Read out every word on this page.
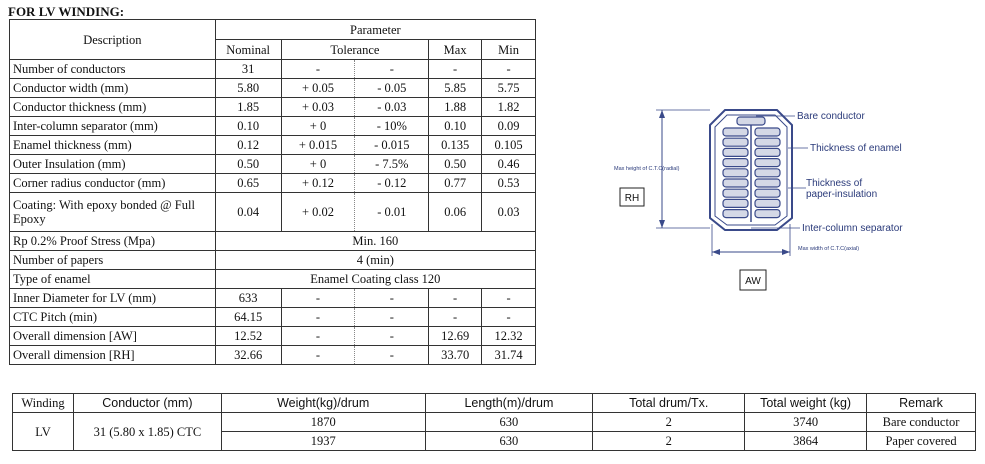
FOR LV WINDING:
Description	Parameter				
	Nominal	Tolerance		Max	Min
Number of conductors	31	-	-	-	-
Conductor width (mm)	5.80	+ 0.05	- 0.05	5.85	5.75
Conductor thickness (mm)	1.85	+ 0.03	- 0.03	1.88	1.82
Inter-column separator (mm)	0.10	+ 0	- 10%	0.10	0.09
Enamel thickness (mm)	0.12	+ 0.015	- 0.015	0.135	0.105
Outer Insulation (mm)	0.50	+ 0	- 7.5%	0.50	0.46
Corner radius conductor (mm)	0.65	+ 0.12	- 0.12	0.77	0.53
Coating: With epoxy bonded @ Full Epoxy	0.04	+ 0.02	- 0.01	0.06	0.03
Rp 0.2% Proof Stress (Mpa)	Min. 160				
Number of papers	4 (min)				
Type of enamel	Enamel Coating class 120				
Inner Diameter for LV (mm)	633	-	-	-	-
CTC Pitch (min)	64.15	-	-	-	-
Overall dimension [AW]	12.52	-	-	12.69	12.32
Overall dimension [RH]	32.66	-	-	33.70	31.74
Bare conductor
Thickness of enamel
Thickness of
paper-insulation
Inter-column separator
Max height of C.T.C(radial)
Max width of C.T.C(axial)
RH
AW
Winding	Conductor (mm)	Weight(kg)/drum	Length(m)/drum	Total drum/Tx.	Total weight (kg)	Remark
LV	31 (5.80 x 1.85) CTC	1870	630	2	3740	Bare conductor
		1937	630	2	3864	Paper covered
